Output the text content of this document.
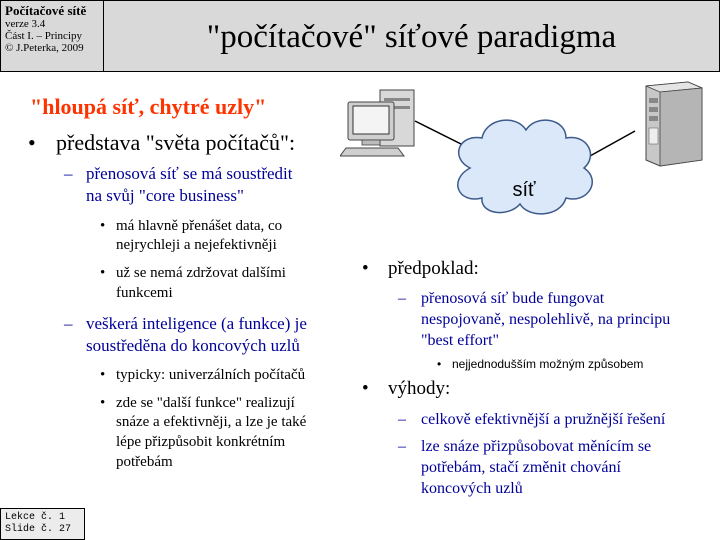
Počítačové sítě
verze 3.4
Část I. – Principy
© J.Peterka, 2009	"počítačové" síťové paradigma
"hloupá síť, chytré uzly"
• představa "světa počítačů":
– přenosová síť se má soustředit
na svůj "core business"
• má hlavně přenášet data, co
nejrychleji a nejefektivněji
• už se nemá zdržovat dalšími
funkcemi
– veškerá inteligence (a funkce) je
soustředěna do koncových uzlů
• typicky: univerzálních počítačů
• zde se "další funkce" realizují
snáze a efektivněji, a lze je také
lépe přizpůsobit konkrétním
potřebám
síť
• předpoklad:
– přenosová síť bude fungovat
nespojovaně, nespolehlivě, na principu
"best effort"
• nejjednodušším možným způsobem
• výhody:
– celkově efektivnější a pružnější řešení
– lze snáze přizpůsobovat měnícím se
potřebám, stačí změnit chování
koncových uzlů
Lekce č. 1
Slide č. 27
